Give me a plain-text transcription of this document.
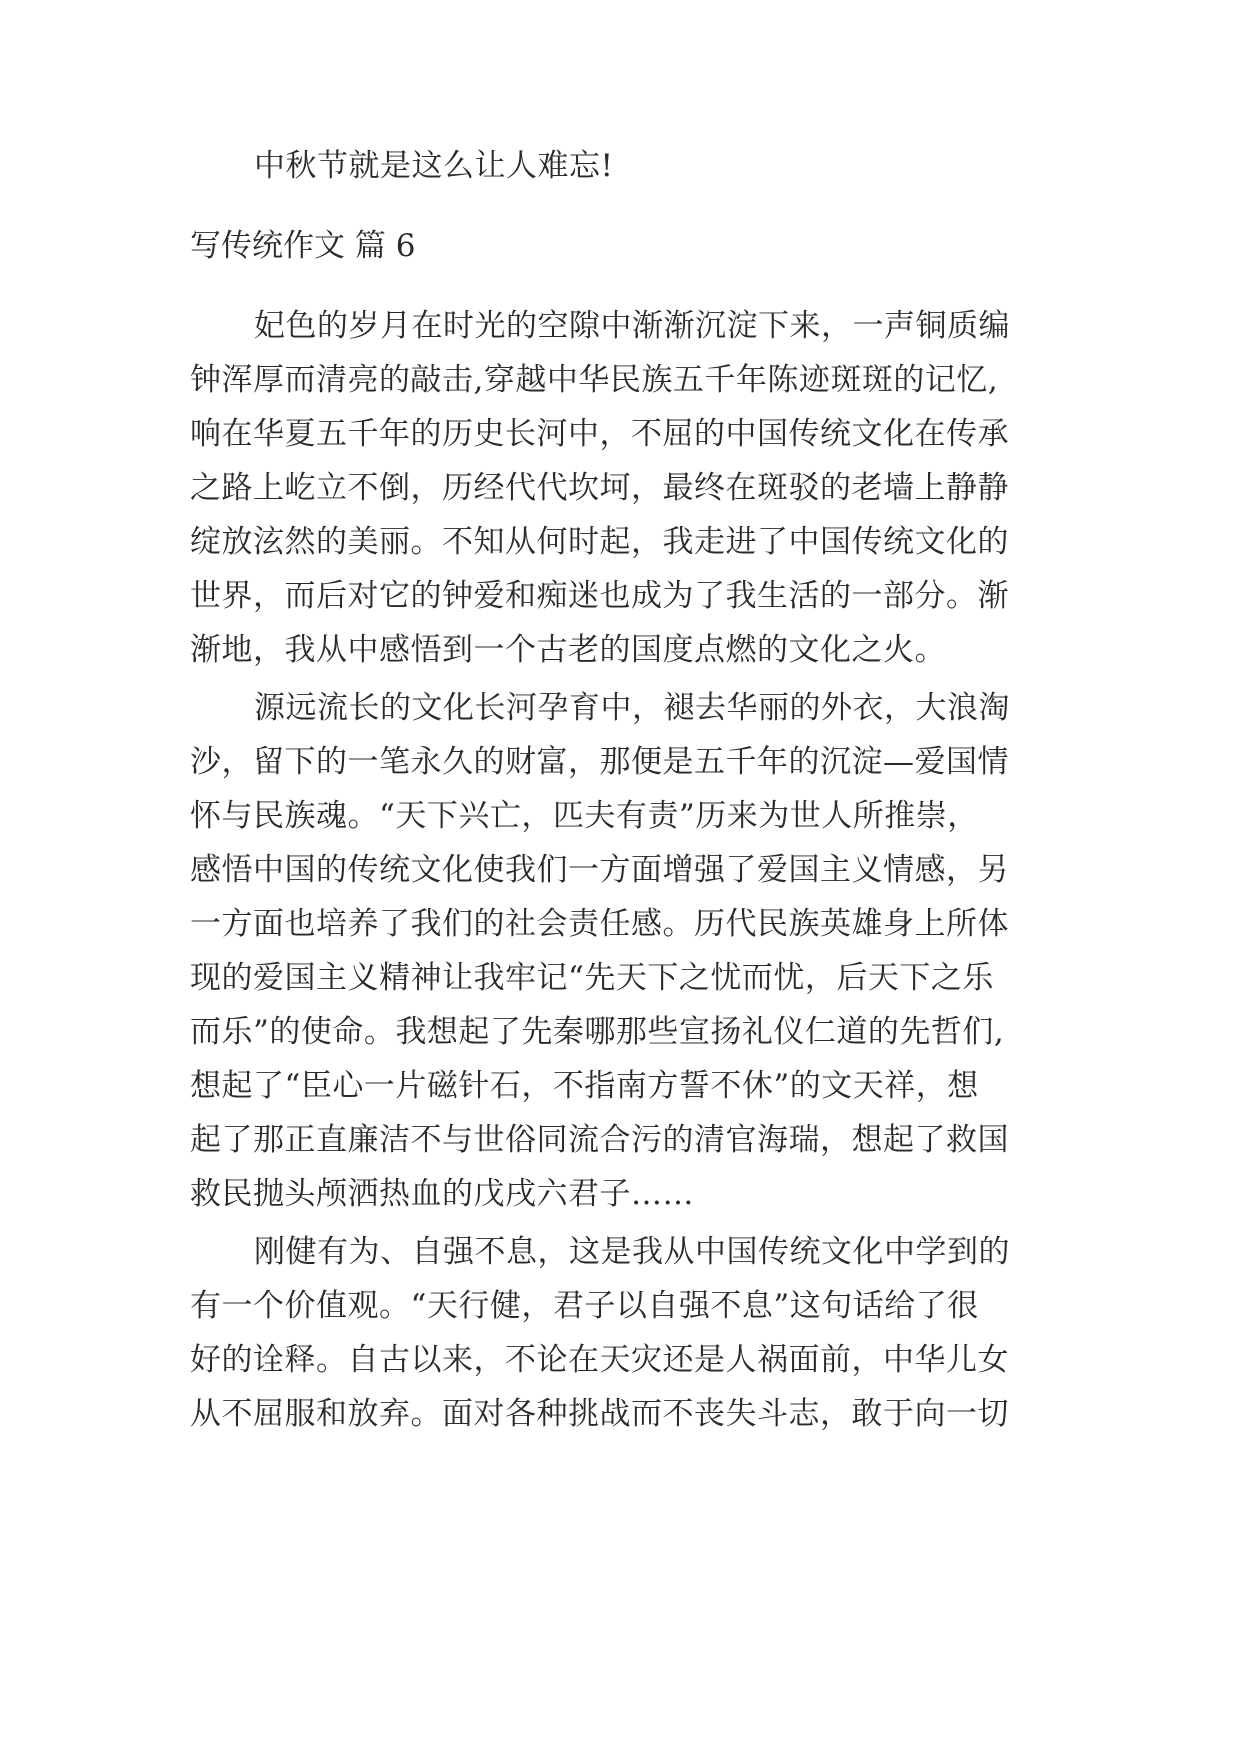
中秋节就是这么让人难忘!
写传统作文 篇 6
妃色的岁月在时光的空隙中渐渐沉淀下来，一声铜质编
钟浑厚而清亮的敲击,穿越中华民族五千年陈迹斑斑的记忆,
响在华夏五千年的历史长河中，不屈的中国传统文化在传承
之路上屹立不倒，历经代代坎坷，最终在斑驳的老墙上静静
绽放泫然的美丽。不知从何时起，我走进了中国传统文化的
世界，而后对它的钟爱和痴迷也成为了我生活的一部分。渐
渐地，我从中感悟到一个古老的国度点燃的文化之火。
源远流长的文化长河孕育中，褪去华丽的外衣，大浪淘
沙，留下的一笔永久的财富，那便是五千年的沉淀—爱国情
怀与民族魂。“天下兴亡，匹夫有责”历来为世人所推崇，
感悟中国的传统文化使我们一方面增强了爱国主义情感，另
一方面也培养了我们的社会责任感。历代民族英雄身上所体
现的爱国主义精神让我牢记“先天下之忧而忧，后天下之乐
而乐”的使命。我想起了先秦哪那些宣扬礼仪仁道的先哲们,
想起了“臣心一片磁针石，不指南方誓不休”的文天祥，想
起了那正直廉洁不与世俗同流合污的清官海瑞，想起了救国
救民抛头颅洒热血的戊戌六君子……
刚健有为、自强不息，这是我从中国传统文化中学到的
有一个价值观。“天行健，君子以自强不息”这句话给了很
好的诠释。自古以来，不论在天灾还是人祸面前，中华儿女
从不屈服和放弃。面对各种挑战而不丧失斗志，敢于向一切
